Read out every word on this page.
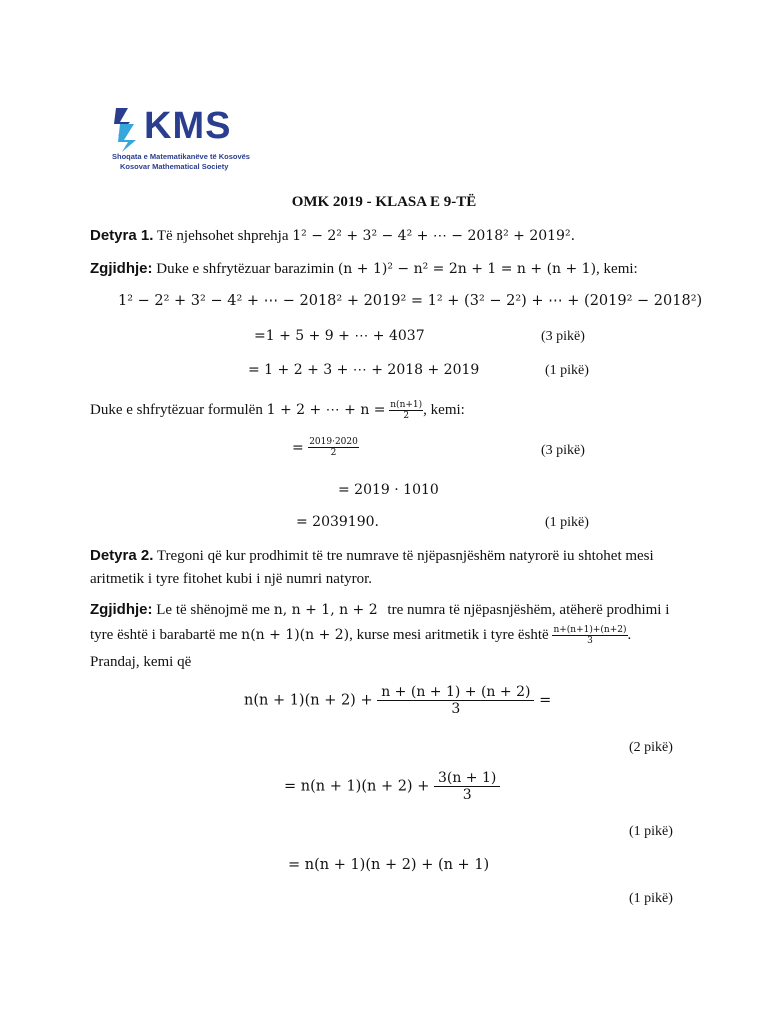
KMS
Shoqata e Matematikanëve të Kosovës
Kosovar Mathematical Society
OMK 2019 - KLASA E 9-TË
Detyra 1. Të njehsohet shprehja 1² − 2² + 3² − 4² + ⋯ − 2018² + 2019².
Zgjidhje: Duke e shfrytëzuar barazimin (n + 1)² − n² = 2n + 1 = n + (n + 1), kemi:
1² − 2² + 3² − 4² + ⋯ − 2018² + 2019² = 1² + (3² − 2²) + ⋯ + (2019² − 2018²)
=1 + 5 + 9 + ⋯ + 4037	(3 pikë)
= 1 + 2 + 3 + ⋯ + 2018 + 2019	(1 pikë)
Duke e shfrytëzuar formulën 1 + 2 + ⋯ + $n = \frac{n(n+1)}{2}$ , kemi:
= $\frac{2019\cdot 2020}{2}$	(3 pikë)
= 2019 · 1010
= 2039190.	(1 pikë)
Detyra 2. Tregoni që kur prodhimit të tre numrave të njëpasnjëshëm natyrorë iu shtohet mesi
aritmetik i tyre fitohet kubi i një numri natyror.
Zgjidhje: Le të shënojmë me n, n + 1, n + 2 tre numra të njëpasnjëshëm, atëherë prodhimi i
tyre është i barabartë me n(n + 1)(n + 2), kurse mesi aritmetik i tyre është $\frac{n+(n+1)+(n+2)}{3}$ .
Prandaj, kemi që
$n(n + 1)(n + 2) + \frac{n + (n + 1) + (n + 2)}{3}$ =
(2 pikë)
= $n(n + 1)(n + 2) + \frac{3(n + 1)}{3}$
(1 pikë)
= n(n + 1)(n + 2) + (n + 1)
(1 pikë)
